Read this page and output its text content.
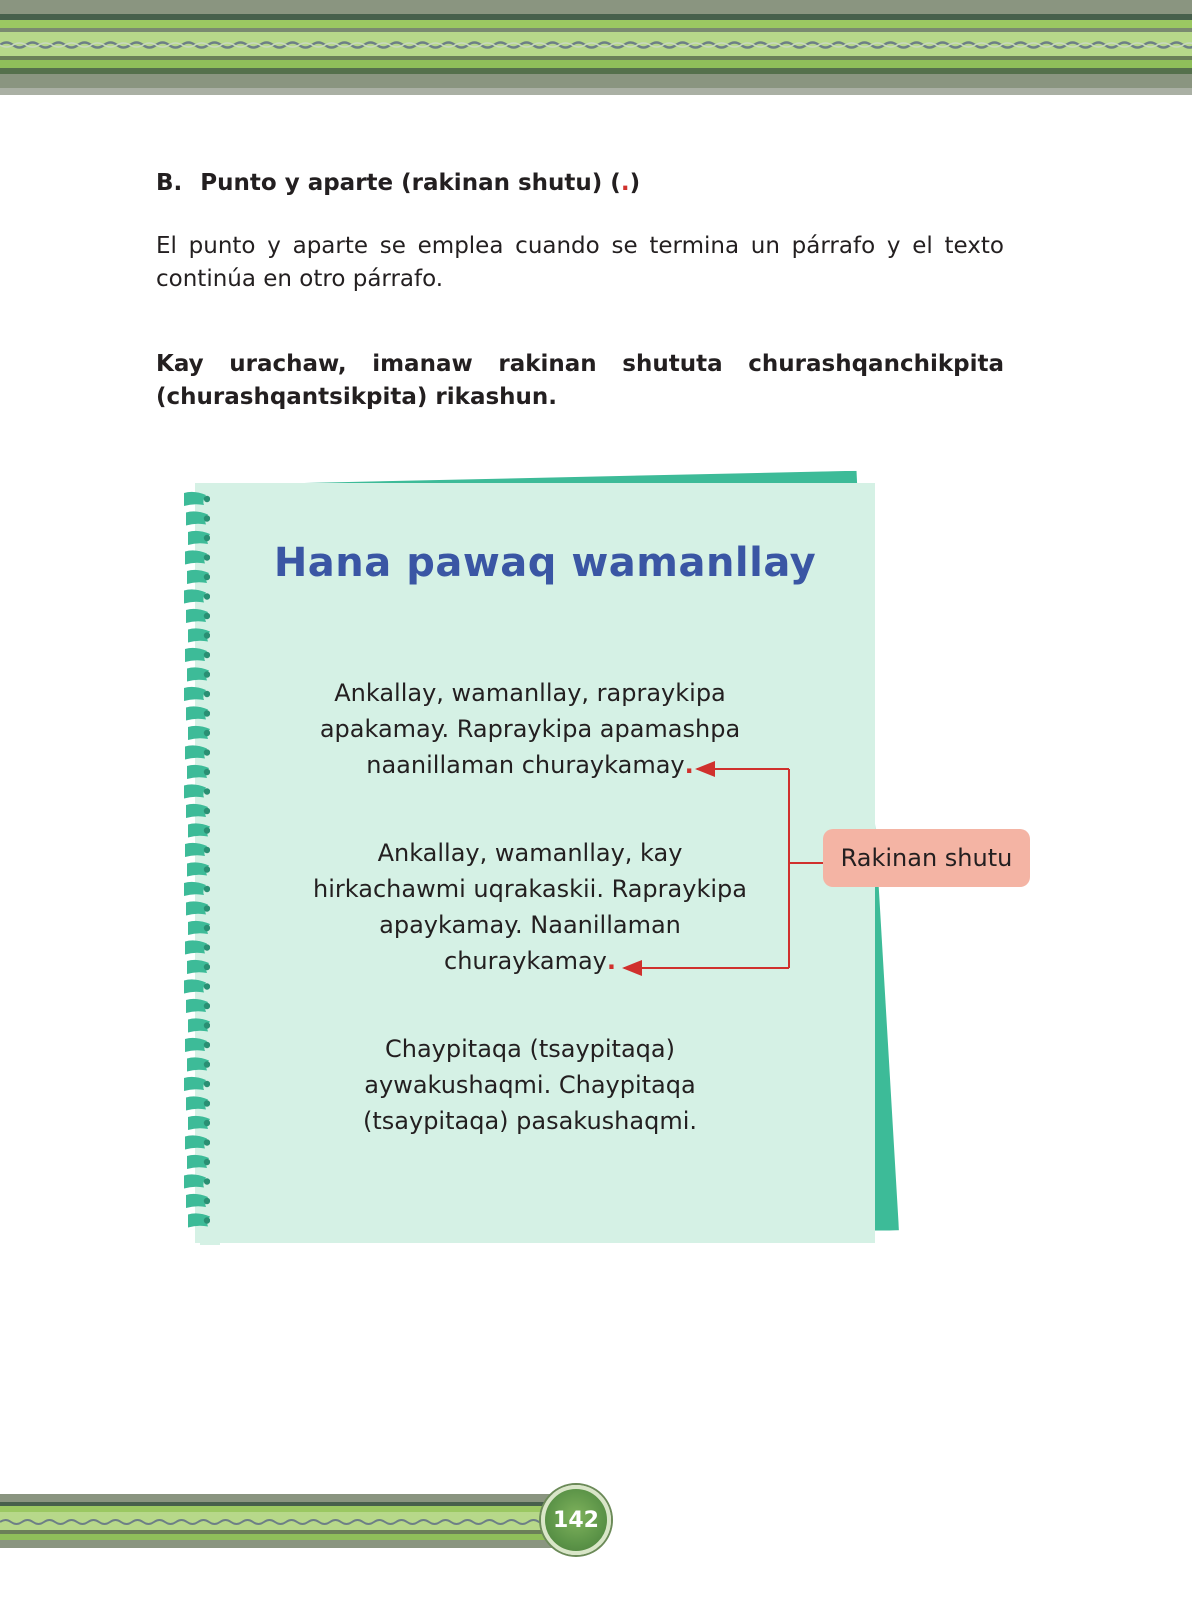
B. Punto y aparte (rakinan shutu) (.)

El punto y aparte se emplea cuando se termina un párrafo y el texto continúa en otro párrafo.

Kay urachaw, imanaw rakinan shututa churashqanchikpita (churashqantsikpita) rikashun.

Hana pawaq wamanllay
Ankallay, wamanllay, rapraykipa
apakamay. Rapraykipa apamashpa
naanillaman churaykamay.
Ankallay, wamanllay, kay
hirkachawmi uqrakaskii. Rapraykipa
apaykamay. Naanillaman
churaykamay.
Chaypitaqa (tsaypitaqa)
aywakushaqmi. Chaypitaqa
(tsaypitaqa) pasakushaqmi.
Rakinan shutu
142
